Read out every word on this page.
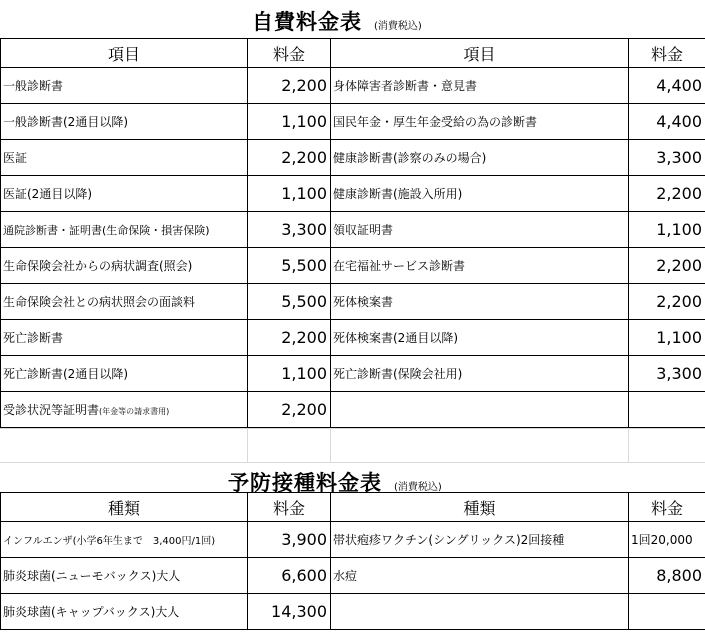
自費料金表 (消費税込)
項目	料金	項目	料金
一般診断書	2,200	身体障害者診断書・意見書	4,400
一般診断書(2通目以降)	1,100	国民年金・厚生年金受給の為の診断書	4,400
医証	2,200	健康診断書(診察のみの場合)	3,300
医証(2通目以降)	1,100	健康診断書(施設入所用)	2,200
通院診断書・証明書(生命保険・損害保険)	3,300	領収証明書	1,100
生命保険会社からの病状調査(照会)	5,500	在宅福祉サービス診断書	2,200
生命保険会社との病状照会の面談料	5,500	死体検案書	2,200
死亡診断書	2,200	死体検案書(2通目以降)	1,100
死亡診断書(2通目以降)	1,100	死亡診断書(保険会社用)	3,300
受診状況等証明書(年金等の請求書用)	2,200		
予防接種料金表 (消費税込)
種類	料金	種類	料金
インフルエンザ(小学6年生まで　3,400円/1回)	3,900	帯状疱疹ワクチン(シングリックス)2回接種	1回20,000
肺炎球菌(ニューモバックス)大人	6,600	水痘	8,800
肺炎球菌(キャップバックス)大人	14,300		
